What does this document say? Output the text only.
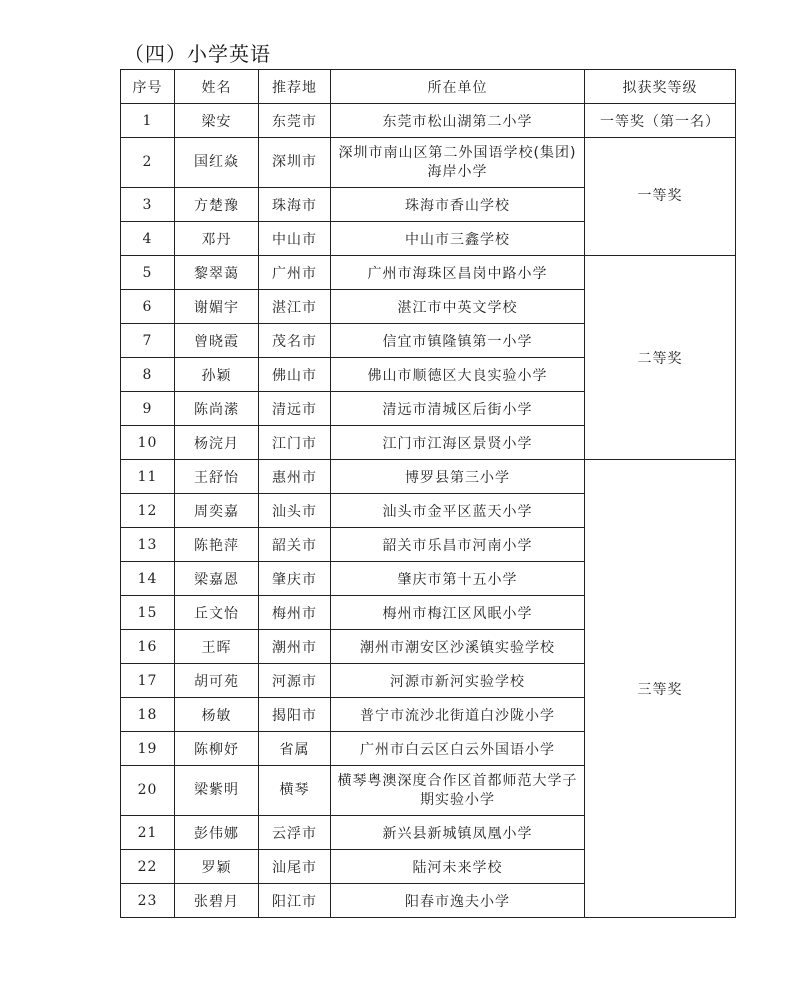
（四）小学英语
序号	姓名	推荐地	所在单位	拟获奖等级
1	梁安	东莞市	东莞市松山湖第二小学	一等奖（第一名）
2	国红焱	深圳市	深圳市南山区第二外国语学校(集团)海岸小学	一等奖
3	方楚豫	珠海市	珠海市香山学校	
4	邓丹	中山市	中山市三鑫学校	
5	黎翠蔼	广州市	广州市海珠区昌岗中路小学	二等奖
6	谢媚宇	湛江市	湛江市中英文学校	
7	曾晓霞	茂名市	信宜市镇隆镇第一小学	
8	孙颖	佛山市	佛山市顺德区大良实验小学	
9	陈尚潆	清远市	清远市清城区后街小学	
10	杨浣月	江门市	江门市江海区景贤小学	
11	王舒怡	惠州市	博罗县第三小学	三等奖
12	周奕嘉	汕头市	汕头市金平区蓝天小学	
13	陈艳萍	韶关市	韶关市乐昌市河南小学	
14	梁嘉恩	肇庆市	肇庆市第十五小学	
15	丘文怡	梅州市	梅州市梅江区风眠小学	
16	王晖	潮州市	潮州市潮安区沙溪镇实验学校	
17	胡可苑	河源市	河源市新河实验学校	
18	杨敏	揭阳市	普宁市流沙北街道白沙陇小学	
19	陈柳妤	省属	广州市白云区白云外国语小学	
20	梁紫明	横琴	横琴粤澳深度合作区首都师范大学子期实验小学	
21	彭伟娜	云浮市	新兴县新城镇凤凰小学	
22	罗颖	汕尾市	陆河未来学校	
23	张碧月	阳江市	阳春市逸夫小学	
